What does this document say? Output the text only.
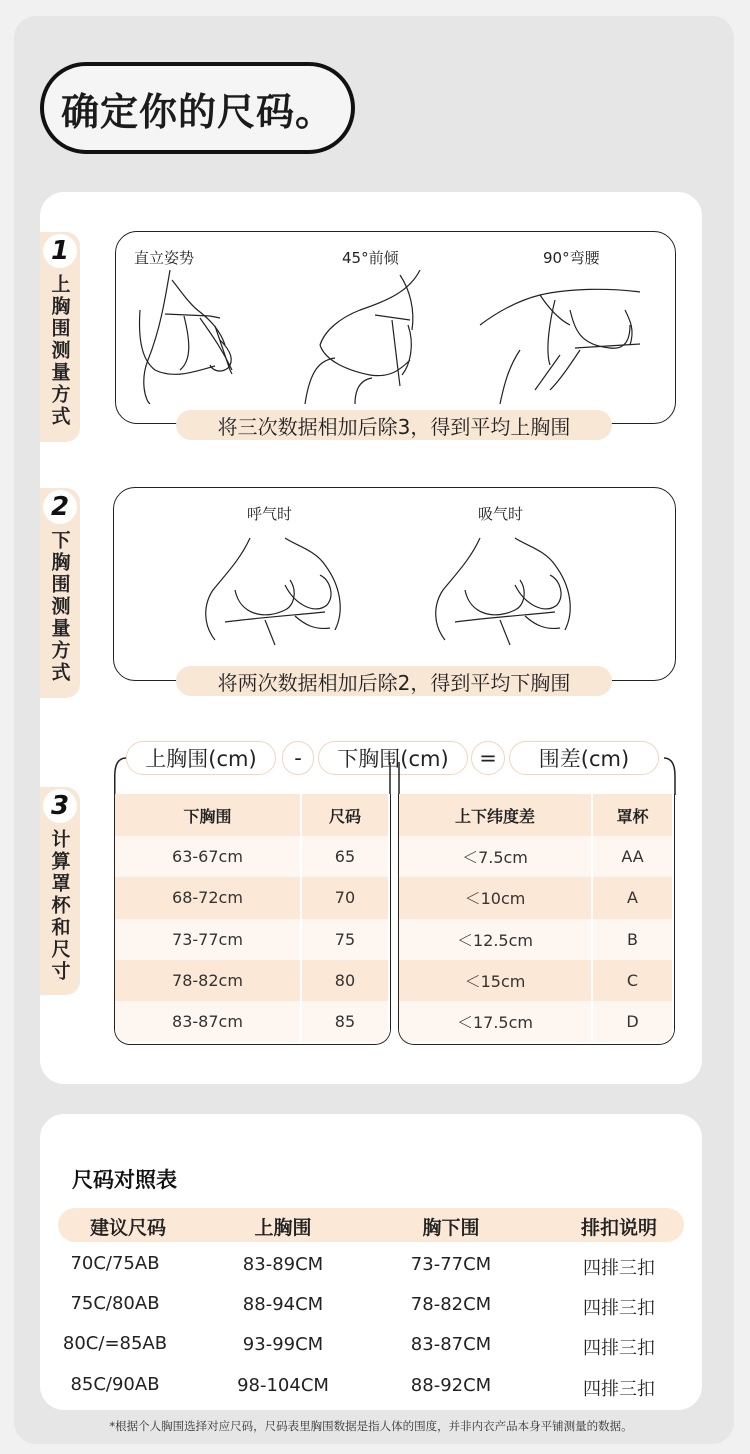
确定你的尺码。
1
上胸围测量方式
直立姿势	45°前倾	90°弯腰
将三次数据相加后除3，得到平均上胸围
2
下胸围测量方式
呼气时	吸气时
将两次数据相加后除2，得到平均下胸围
3
计算罩杯和尺寸
上胸围(cm)	-	下胸围(cm)	=	围差(cm)
下胸围	尺码
63-67cm	65
68-72cm	70
73-77cm	75
78-82cm	80
83-87cm	85
上下纬度差	罩杯
＜7.5cm	AA
＜10cm	A
＜12.5cm	B
＜15cm	C
＜17.5cm	D
尺码对照表
建议尺码	上胸围	胸下围	排扣说明
70C/75AB	83-89CM	73-77CM	四排三扣
75C/80AB	88-94CM	78-82CM	四排三扣
80C/=85AB	93-99CM	83-87CM	四排三扣
85C/90AB	98-104CM	88-92CM	四排三扣
*根据个人胸围选择对应尺码，尺码表里胸围数据是指人体的围度，并非内衣产品本身平铺测量的数据。
